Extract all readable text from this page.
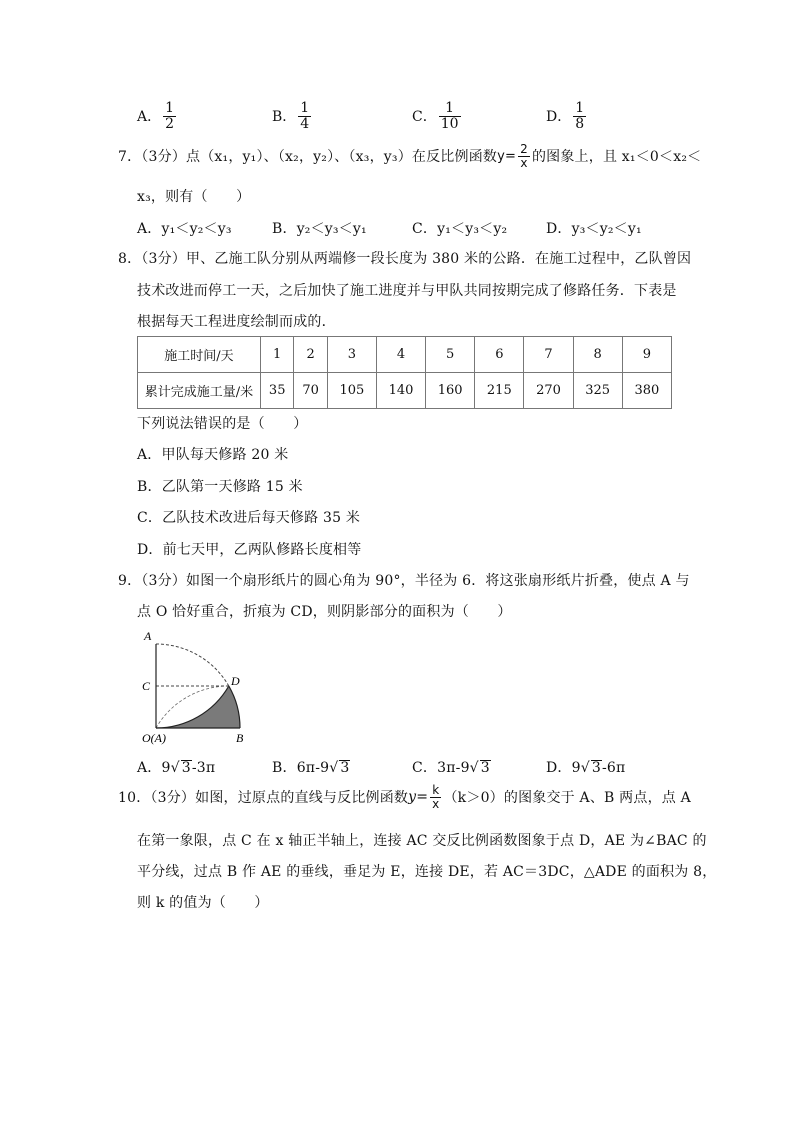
A． $\frac{1}{2}$	B． $\frac{1}{4}$	C． $\frac{1}{10}$	D． $\frac{1}{8}$
7．（3分）点（x₁，y₁）、（x₂，y₂）、（x₃，y₃）在反比例函数 $y= \frac{2}{x}$ 的图象上，且 x₁＜0＜x₂＜
x₃，则有（　　）
A．y₁＜y₂＜y₃	B．y₂＜y₃＜y₁	C．y₁＜y₃＜y₂	D．y₃＜y₂＜y₁
8．（3分）甲、乙施工队分别从两端修一段长度为 380 米的公路．在施工过程中，乙队曾因
技术改进而停工一天，之后加快了施工进度并与甲队共同按期完成了修路任务．下表是
根据每天工程进度绘制而成的．
施工时间/天	1	2	3	4	5	6	7	8	9
累计完成施工量/米	35	70	105	140	160	215	270	325	380
下列说法错误的是（　　）
A．甲队每天修路 20 米
B．乙队第一天修路 15 米
C．乙队技术改进后每天修路 35 米
D．前七天甲，乙两队修路长度相等
9．（3分）如图一个扇形纸片的圆心角为 90°，半径为 6．将这张扇形纸片折叠，使点 A 与
点 O 恰好重合，折痕为 CD，则阴影部分的面积为（　　）
A
C	D
O(A)	B
A．9√ 3-3π	B．6π-9√ 3	C．3π-9√ 3	D．9√ 3-6π
10．（3分）如图，过原点的直线与反比例函数 $y= \frac{k}{x} (k>0)$的图象交于 A、B 两点，点 A
在第一象限，点 C 在 x 轴正半轴上，连接 AC 交反比例函数图象于点 D，AE 为∠BAC 的
平分线，过点 B 作 AE 的垂线，垂足为 E，连接 DE，若 AC＝3DC，△ADE 的面积为 8，
则 k 的值为（　　）
